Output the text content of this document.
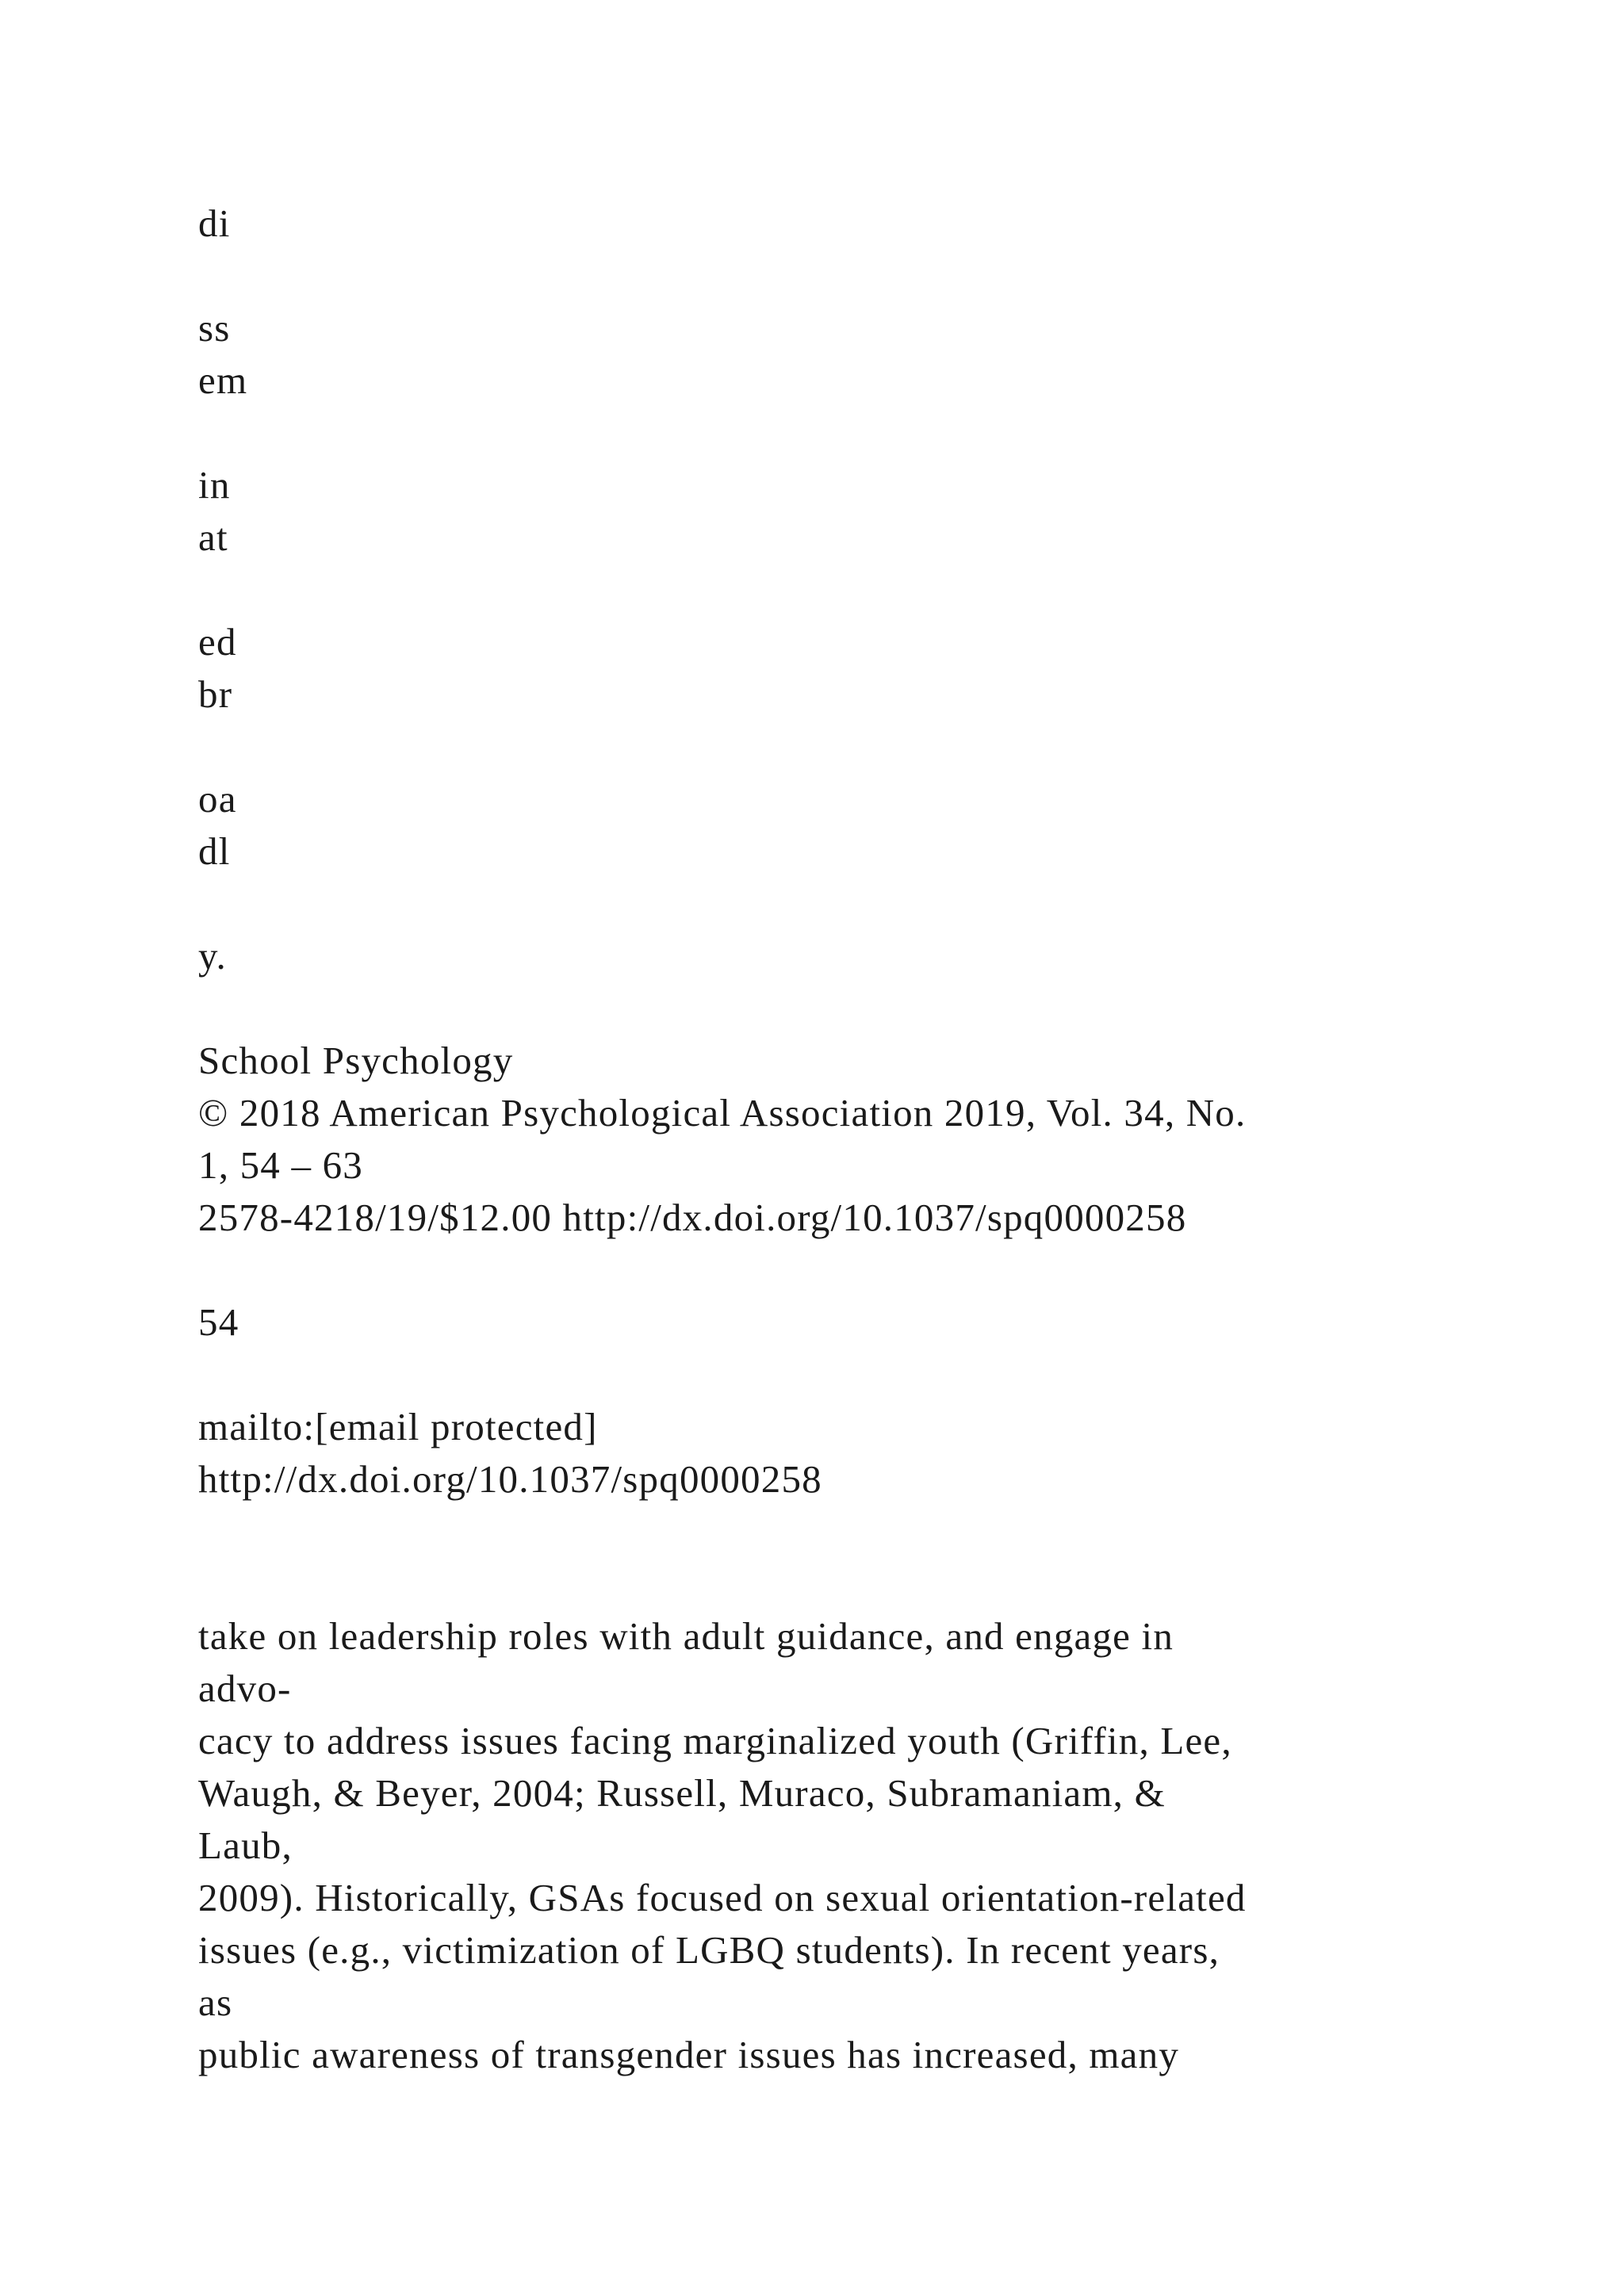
di

ss

em

in

at

ed

br

oa

dl

y.

School Psychology

© 2018 American Psychological Association 2019, Vol. 34, No.

1, 54 – 63

2578-4218/19/$12.00 http://dx.doi.org/10.1037/spq0000258

54

mailto:[email protected]

http://dx.doi.org/10.1037/spq0000258

take on leadership roles with adult guidance, and engage in

advo-

cacy to address issues facing marginalized youth (Griffin, Lee,

Waugh, & Beyer, 2004; Russell, Muraco, Subramaniam, &

Laub,

2009). Historically, GSAs focused on sexual orientation-related

issues (e.g., victimization of LGBQ students). In recent years,

as

public awareness of transgender issues has increased, many
